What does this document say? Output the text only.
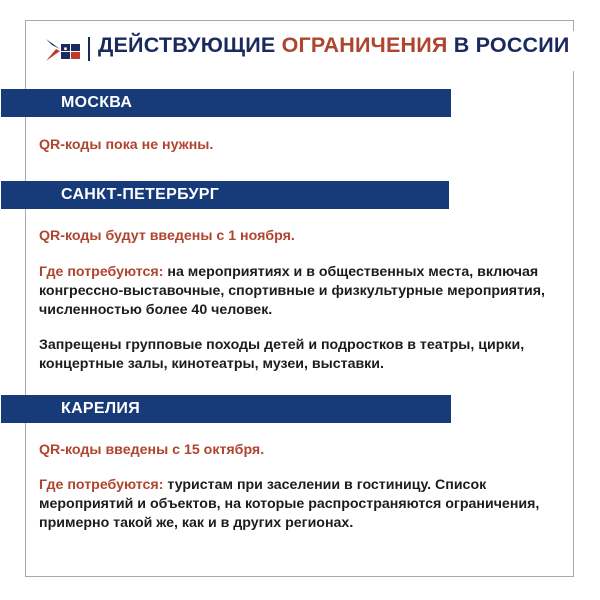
▪ ДЕЙСТВУЮЩИЕ ОГРАНИЧЕНИЯ В РОССИИ
МОСКВА
QR-коды пока не нужны.
САНКТ-ПЕТЕРБУРГ
QR-коды будут введены с 1 ноября.
Где потребуются: на мероприятиях и в общественных места, включая конгрессно-выставочные, спортивные и физкультурные мероприятия, численностью более 40 человек.
Запрещены групповые походы детей и подростков в театры, цирки, концертные залы, кинотеатры, музеи, выставки.
КАРЕЛИЯ
QR-коды введены с 15 октября.
Где потребуются: туристам при заселении в гостиницу. Список мероприятий и объектов, на которые распространяются ограничения, примерно такой же, как и в других регионах.
